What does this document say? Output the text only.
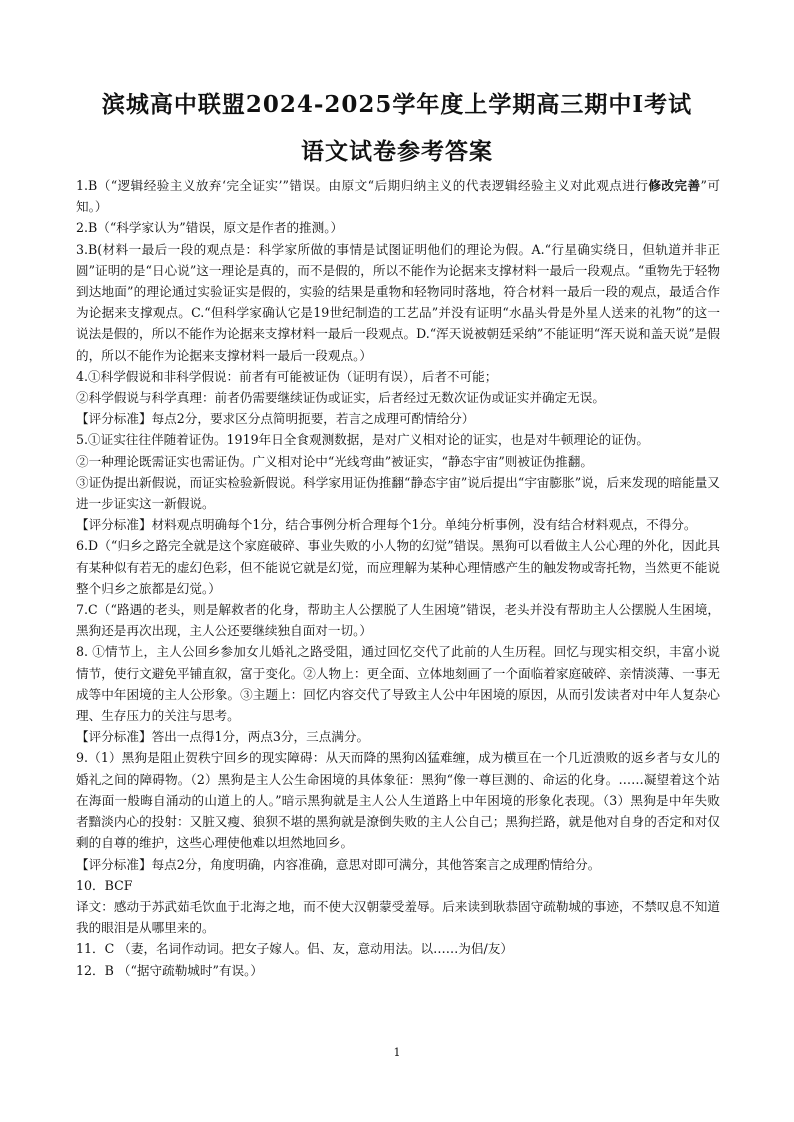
滨城高中联盟2024-2025学年度上学期高三期中Ⅰ考试
语文试卷参考答案

1.B（“逻辑经验主义放弃‘完全证实’”错误。由原文“后期归纳主义的代表逻辑经验主义对此观点进行修改完善”可知。）

2.B（“科学家认为”错误，原文是作者的推测。）

3.B(材料一最后一段的观点是：科学家所做的事情是试图证明他们的理论为假。A.“行星确实绕日，但轨道并非正圆”证明的是“日心说”这一理论是真的，而不是假的，所以不能作为论据来支撑材料一最后一段观点。“重物先于轻物到达地面”的理论通过实验证实是假的，实验的结果是重物和轻物同时落地，符合材料一最后一段的观点，最适合作为论据来支撑观点。C.“但科学家确认它是19世纪制造的工艺品”并没有证明“水晶头骨是外星人送来的礼物”的这一说法是假的，所以不能作为论据来支撑材料一最后一段观点。D.“浑天说被朝廷采纳”不能证明“浑天说和盖天说”是假的，所以不能作为论据来支撑材料一最后一段观点。）

4.①科学假说和非科学假说：前者有可能被证伪（证明有误），后者不可能；

②科学假说与科学真理：前者仍需要继续证伪或证实，后者经过无数次证伪或证实并确定无误。

【评分标准】每点2分，要求区分点简明扼要，若言之成理可酌情给分）

5.①证实往往伴随着证伪。1919年日全食观测数据，是对广义相对论的证实，也是对牛顿理论的证伪。

②一种理论既需证实也需证伪。广义相对论中“光线弯曲”被证实，“静态宇宙”则被证伪推翻。

③证伪提出新假说，而证实检验新假说。科学家用证伪推翻“静态宇宙”说后提出“宇宙膨胀”说，后来发现的暗能量又进一步证实这一新假说。

【评分标准】材料观点明确每个1分，结合事例分析合理每个1分。单纯分析事例，没有结合材料观点，不得分。

6.D（“归乡之路完全就是这个家庭破碎、事业失败的小人物的幻觉”错误。黑狗可以看做主人公心理的外化，因此具有某种似有若无的虚幻色彩，但不能说它就是幻觉，而应理解为某种心理情感产生的触发物或寄托物，当然更不能说整个归乡之旅都是幻觉。）

7.C（“路遇的老头，则是解救者的化身，帮助主人公摆脱了人生困境”错误，老头并没有帮助主人公摆脱人生困境，黑狗还是再次出现，主人公还要继续独自面对一切。）

8. ①情节上，主人公回乡参加女儿婚礼之路受阻，通过回忆交代了此前的人生历程。回忆与现实相交织，丰富小说情节，使行文避免平铺直叙，富于变化。②人物上：更全面、立体地刻画了一个面临着家庭破碎、亲情淡薄、一事无成等中年困境的主人公形象。③主题上：回忆内容交代了导致主人公中年困境的原因，从而引发读者对中年人复杂心理、生存压力的关注与思考。

【评分标准】答出一点得1分，两点3分，三点满分。

9.（1）黑狗是阻止贺秩宁回乡的现实障碍：从天而降的黑狗凶猛难缠，成为横亘在一个几近溃败的返乡者与女儿的婚礼之间的障碍物。（2）黑狗是主人公生命困境的具体象征：黑狗“像一尊巨测的、命运的化身。……凝望着这个站在海面一般晦自涌动的山道上的人。”暗示黑狗就是主人公人生道路上中年困境的形象化表现。（3）黑狗是中年失败者黯淡内心的投射：又脏又瘦、狼狈不堪的黑狗就是潦倒失败的主人公自己；黑狗拦路，就是他对自身的否定和对仅剩的自尊的维护，这些心理使他难以坦然地回乡。

【评分标准】每点2分，角度明确，内容准确，意思对即可满分，其他答案言之成理酌情给分。

10．BCF

译文：感动于苏武茹毛饮血于北海之地，而不使大汉朝蒙受羞辱。后来读到耿恭固守疏勒城的事迹，不禁叹息不知道我的眼泪是从哪里来的。

11．C （妻，名词作动词。把女子嫁人。侣、友，意动用法。以……为侣/友）

12．B （“据守疏勒城时”有误。）

1
